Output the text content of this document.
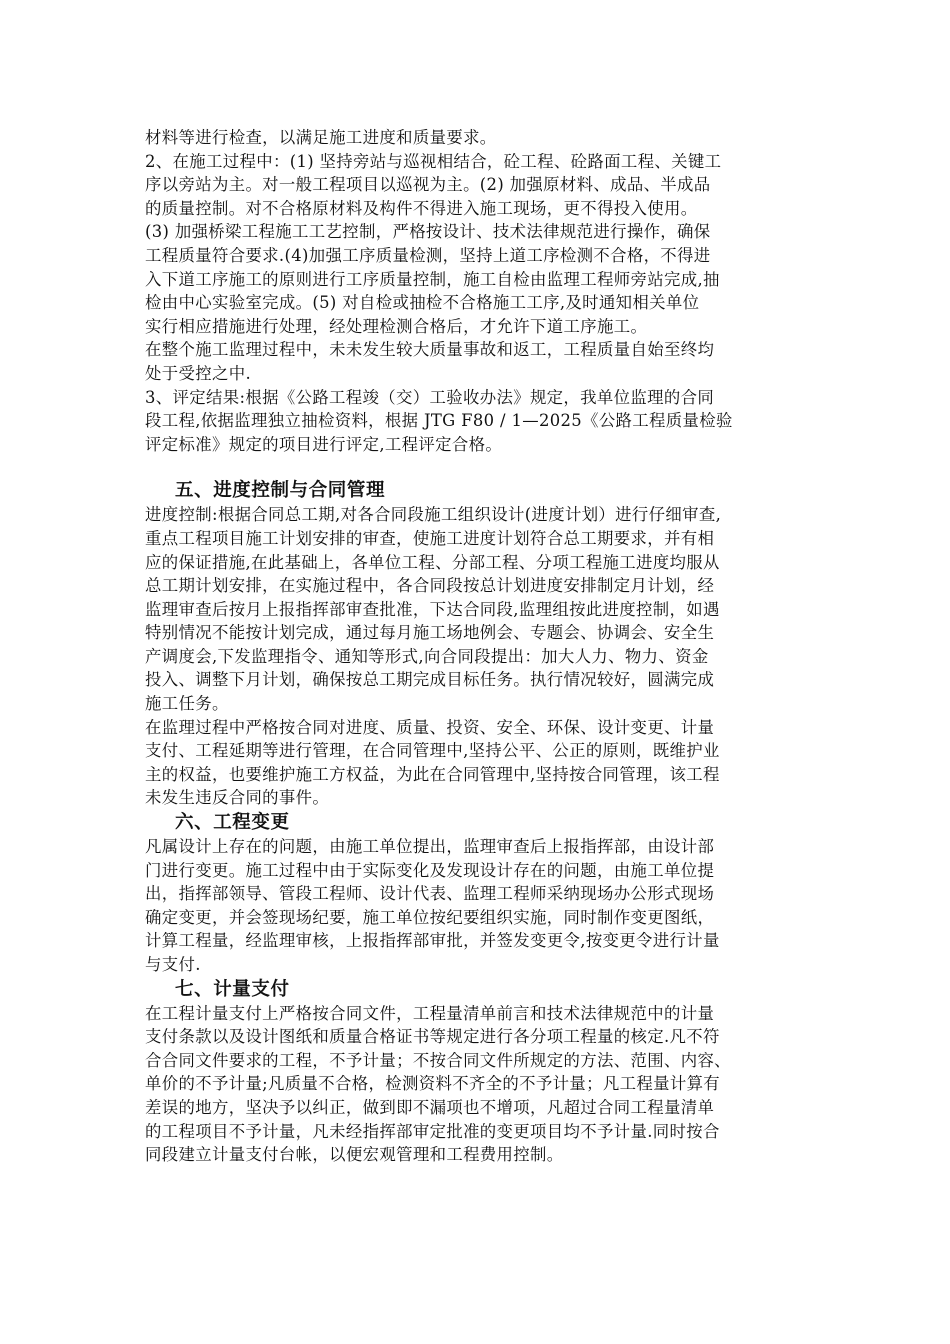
材料等进行检查，以满足施工进度和质量要求。

2、在施工过程中：(1) 坚持旁站与巡视相结合，砼工程、砼路面工程、关键工
序以旁站为主。对一般工程项目以巡视为主。(2) 加强原材料、成品、半成品
的质量控制。对不合格原材料及构件不得进入施工现场，更不得投入使用。
(3) 加强桥梁工程施工工艺控制，严格按设计、技术法律规范进行操作，确保
工程质量符合要求.(4)加强工序质量检测，坚持上道工序检测不合格，不得进
入下道工序施工的原则进行工序质量控制，施工自检由监理工程师旁站完成,抽
检由中心实验室完成。(5) 对自检或抽检不合格施工工序,及时通知相关单位
实行相应措施进行处理，经处理检测合格后，才允许下道工序施工。

在整个施工监理过程中，未未发生较大质量事故和返工，工程质量自始至终均
处于受控之中.

3、评定结果:根据《公路工程竣（交）工验收办法》规定，我单位监理的合同
段工程,依据监理独立抽检资料，根据 JTG F80 / 1—2025《公路工程质量检验
评定标准》规定的项目进行评定,工程评定合格。

五、进度控制与合同管理

进度控制:根据合同总工期,对各合同段施工组织设计(进度计划）进行仔细审查,
重点工程项目施工计划安排的审查，使施工进度计划符合总工期要求，并有相
应的保证措施,在此基础上，各单位工程、分部工程、分项工程施工进度均服从
总工期计划安排，在实施过程中，各合同段按总计划进度安排制定月计划，经
监理审查后按月上报指挥部审查批准，下达合同段,监理组按此进度控制，如遇
特别情况不能按计划完成，通过每月施工场地例会、专题会、协调会、安全生
产调度会,下发监理指令、通知等形式,向合同段提出：加大人力、物力、资金
投入、调整下月计划，确保按总工期完成目标任务。执行情况较好，圆满完成
施工任务。

在监理过程中严格按合同对进度、质量、投资、安全、环保、设计变更、计量
支付、工程延期等进行管理，在合同管理中,坚持公平、公正的原则，既维护业
主的权益，也要维护施工方权益，为此在合同管理中,坚持按合同管理，该工程
未发生违反合同的事件。

六、工程变更

凡属设计上存在的问题，由施工单位提出，监理审查后上报指挥部，由设计部
门进行变更。施工过程中由于实际变化及发现设计存在的问题，由施工单位提
出，指挥部领导、管段工程师、设计代表、监理工程师采纳现场办公形式现场
确定变更，并会签现场纪要，施工单位按纪要组织实施，同时制作变更图纸，
计算工程量，经监理审核，上报指挥部审批，并签发变更令,按变更令进行计量
与支付.

七、计量支付

在工程计量支付上严格按合同文件，工程量清单前言和技术法律规范中的计量
支付条款以及设计图纸和质量合格证书等规定进行各分项工程量的核定.凡不符
合合同文件要求的工程，不予计量；不按合同文件所规定的方法、范围、内容、
单价的不予计量;凡质量不合格，检测资料不齐全的不予计量；凡工程量计算有
差误的地方，坚决予以纠正，做到即不漏项也不增项，凡超过合同工程量清单
的工程项目不予计量，凡未经指挥部审定批准的变更项目均不予计量.同时按合
同段建立计量支付台帐，以便宏观管理和工程费用控制。
